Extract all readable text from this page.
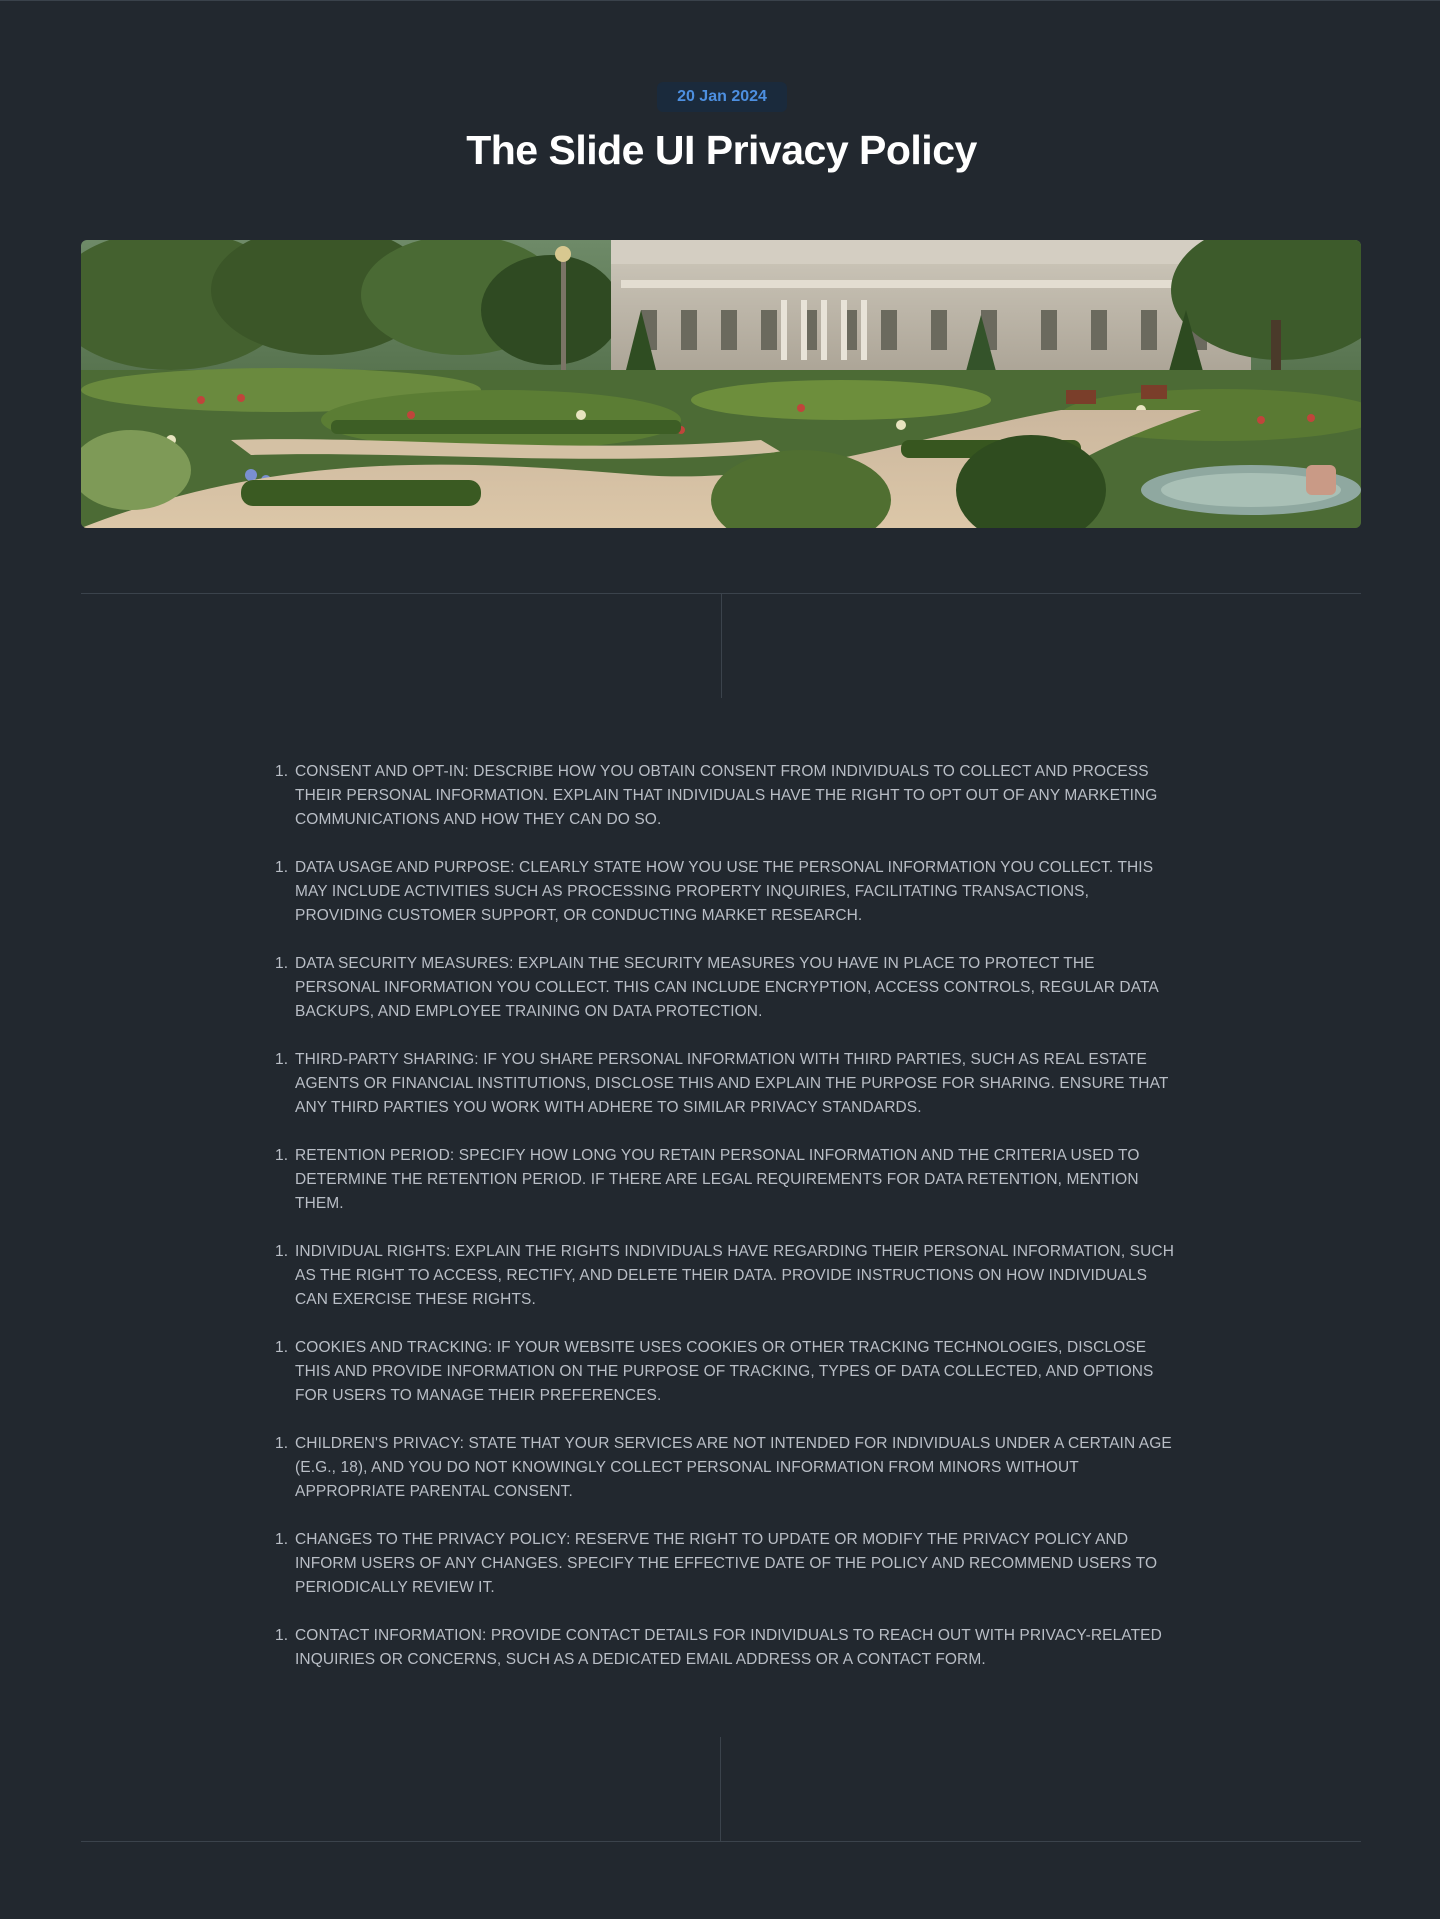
20 Jan 2024
The Slide UI Privacy Policy
1. CONSENT AND OPT-IN: DESCRIBE HOW YOU OBTAIN CONSENT FROM INDIVIDUALS TO COLLECT AND PROCESS THEIR PERSONAL INFORMATION. EXPLAIN THAT INDIVIDUALS HAVE THE RIGHT TO OPT OUT OF ANY MARKETING COMMUNICATIONS AND HOW THEY CAN DO SO.
1. DATA USAGE AND PURPOSE: CLEARLY STATE HOW YOU USE THE PERSONAL INFORMATION YOU COLLECT. THIS MAY INCLUDE ACTIVITIES SUCH AS PROCESSING PROPERTY INQUIRIES, FACILITATING TRANSACTIONS, PROVIDING CUSTOMER SUPPORT, OR CONDUCTING MARKET RESEARCH.
1. DATA SECURITY MEASURES: EXPLAIN THE SECURITY MEASURES YOU HAVE IN PLACE TO PROTECT THE PERSONAL INFORMATION YOU COLLECT. THIS CAN INCLUDE ENCRYPTION, ACCESS CONTROLS, REGULAR DATA BACKUPS, AND EMPLOYEE TRAINING ON DATA PROTECTION.
1. THIRD-PARTY SHARING: IF YOU SHARE PERSONAL INFORMATION WITH THIRD PARTIES, SUCH AS REAL ESTATE AGENTS OR FINANCIAL INSTITUTIONS, DISCLOSE THIS AND EXPLAIN THE PURPOSE FOR SHARING. ENSURE THAT ANY THIRD PARTIES YOU WORK WITH ADHERE TO SIMILAR PRIVACY STANDARDS.
1. RETENTION PERIOD: SPECIFY HOW LONG YOU RETAIN PERSONAL INFORMATION AND THE CRITERIA USED TO DETERMINE THE RETENTION PERIOD. IF THERE ARE LEGAL REQUIREMENTS FOR DATA RETENTION, MENTION THEM.
1. INDIVIDUAL RIGHTS: EXPLAIN THE RIGHTS INDIVIDUALS HAVE REGARDING THEIR PERSONAL INFORMATION, SUCH AS THE RIGHT TO ACCESS, RECTIFY, AND DELETE THEIR DATA. PROVIDE INSTRUCTIONS ON HOW INDIVIDUALS CAN EXERCISE THESE RIGHTS.
1. COOKIES AND TRACKING: IF YOUR WEBSITE USES COOKIES OR OTHER TRACKING TECHNOLOGIES, DISCLOSE THIS AND PROVIDE INFORMATION ON THE PURPOSE OF TRACKING, TYPES OF DATA COLLECTED, AND OPTIONS FOR USERS TO MANAGE THEIR PREFERENCES.
1. CHILDREN'S PRIVACY: STATE THAT YOUR SERVICES ARE NOT INTENDED FOR INDIVIDUALS UNDER A CERTAIN AGE (E.G., 18), AND YOU DO NOT KNOWINGLY COLLECT PERSONAL INFORMATION FROM MINORS WITHOUT APPROPRIATE PARENTAL CONSENT.
1. CHANGES TO THE PRIVACY POLICY: RESERVE THE RIGHT TO UPDATE OR MODIFY THE PRIVACY POLICY AND INFORM USERS OF ANY CHANGES. SPECIFY THE EFFECTIVE DATE OF THE POLICY AND RECOMMEND USERS TO PERIODICALLY REVIEW IT.
1. CONTACT INFORMATION: PROVIDE CONTACT DETAILS FOR INDIVIDUALS TO REACH OUT WITH PRIVACY-RELATED INQUIRIES OR CONCERNS, SUCH AS A DEDICATED EMAIL ADDRESS OR A CONTACT FORM.
